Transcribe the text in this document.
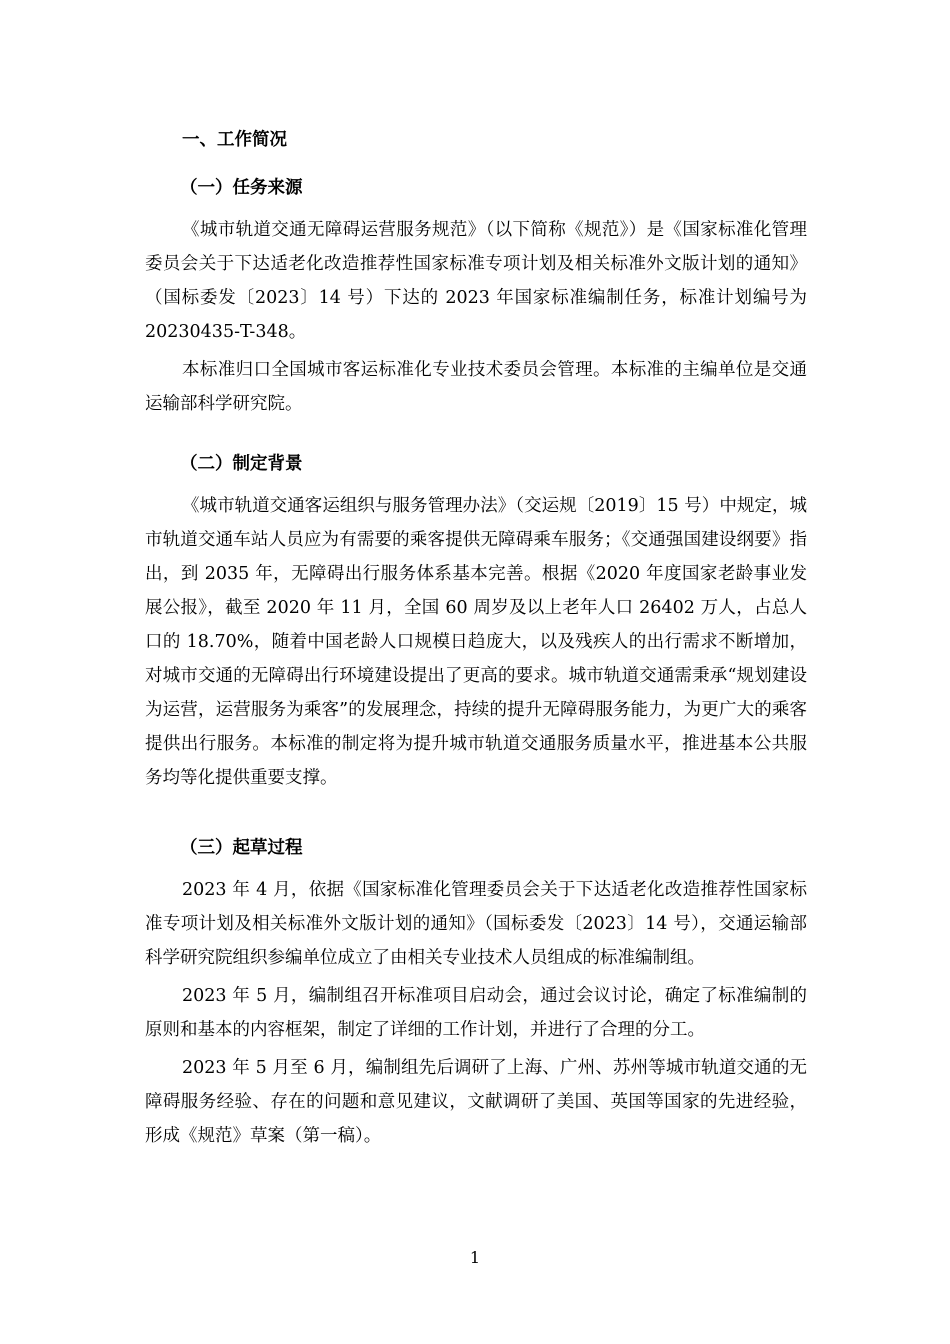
一、工作简况
（一）任务来源

《城市轨道交通无障碍运营服务规范》（以下简称《规范》）是《国家标准化管理委员会关于下达适老化改造推荐性国家标准专项计划及相关标准外文版计划的通知》（国标委发〔2023〕14 号）下达的 2023 年国家标准编制任务，标准计划编号为 20230435-T-348。

本标准归口全国城市客运标准化专业技术委员会管理。本标准的主编单位是交通运输部科学研究院。

（二）制定背景

《城市轨道交通客运组织与服务管理办法》（交运规〔2019〕15 号）中规定，城市轨道交通车站人员应为有需要的乘客提供无障碍乘车服务；《交通强国建设纲要》指出，到 2035 年，无障碍出行服务体系基本完善。根据《2020 年度国家老龄事业发展公报》，截至 2020 年 11 月，全国 60 周岁及以上老年人口 26402 万人，占总人口的 18.70%，随着中国老龄人口规模日趋庞大，以及残疾人的出行需求不断增加，对城市交通的无障碍出行环境建设提出了更高的要求。城市轨道交通需秉承“规划建设为运营，运营服务为乘客”的发展理念，持续的提升无障碍服务能力，为更广大的乘客提供出行服务。本标准的制定将为提升城市轨道交通服务质量水平，推进基本公共服务均等化提供重要支撑。

（三）起草过程

2023 年 4 月，依据《国家标准化管理委员会关于下达适老化改造推荐性国家标准专项计划及相关标准外文版计划的通知》（国标委发〔2023〕14 号），交通运输部科学研究院组织参编单位成立了由相关专业技术人员组成的标准编制组。

2023 年 5 月，编制组召开标准项目启动会，通过会议讨论，确定了标准编制的原则和基本的内容框架，制定了详细的工作计划，并进行了合理的分工。

2023 年 5 月至 6 月，编制组先后调研了上海、广州、苏州等城市轨道交通的无障碍服务经验、存在的问题和意见建议，文献调研了美国、英国等国家的先进经验，形成《规范》草案（第一稿）。

1
